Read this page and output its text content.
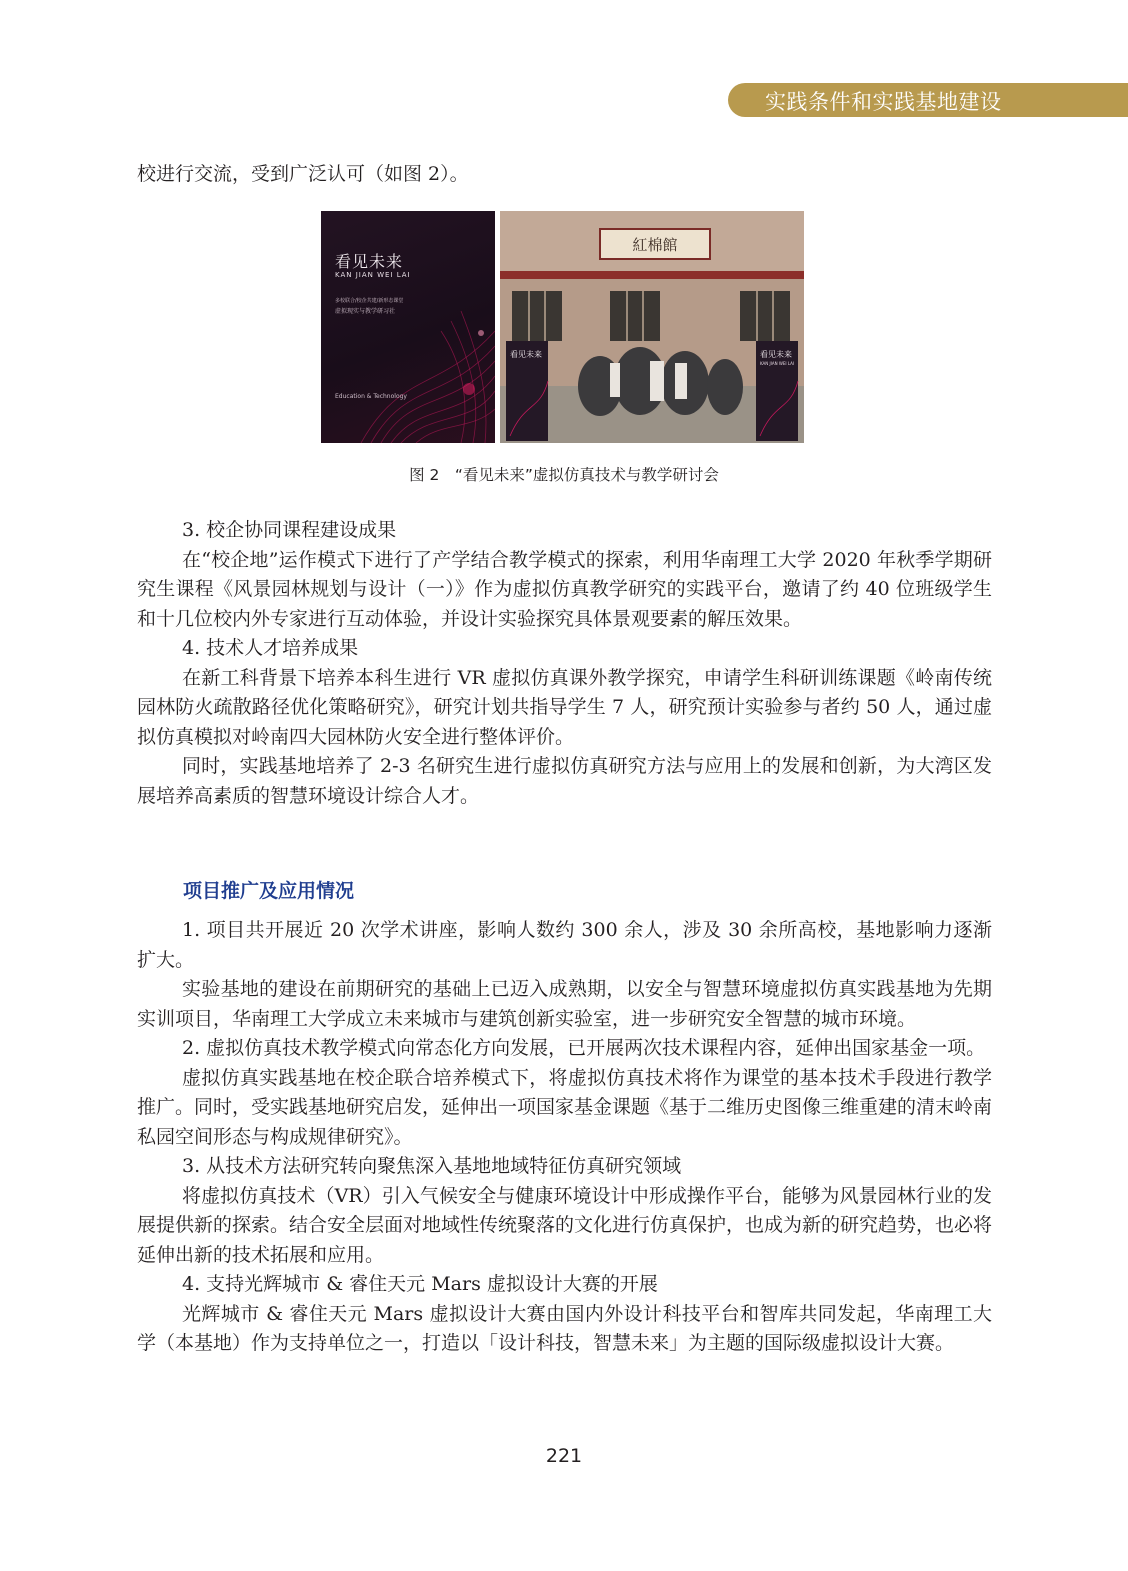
实践条件和实践基地建设

校进行交流，受到广泛认可（如图 2）。

看见未来
KAN JIAN WEI LAI
多校联合/校企共建/新形态课堂
虚拟现实与教学研习社
Education & Technology
紅棉館
看见未来	看见未来
KAN JIAN WEI LAI
图 2　“看见未来”虚拟仿真技术与教学研讨会

3. 校企协同课程建设成果

在“校企地”运作模式下进行了产学结合教学模式的探索，利用华南理工大学 2020 年秋季学期研究生课程《风景园林规划与设计（一）》作为虚拟仿真教学研究的实践平台，邀请了约 40 位班级学生和十几位校内外专家进行互动体验，并设计实验探究具体景观要素的解压效果。

4. 技术人才培养成果

在新工科背景下培养本科生进行 VR 虚拟仿真课外教学探究，申请学生科研训练课题《岭南传统园林防火疏散路径优化策略研究》，研究计划共指导学生 7 人，研究预计实验参与者约 50 人，通过虚拟仿真模拟对岭南四大园林防火安全进行整体评价。

同时，实践基地培养了 2-3 名研究生进行虚拟仿真研究方法与应用上的发展和创新，为大湾区发展培养高素质的智慧环境设计综合人才。

项目推广及应用情况

1. 项目共开展近 20 次学术讲座，影响人数约 300 余人，涉及 30 余所高校，基地影响力逐渐扩大。

实验基地的建设在前期研究的基础上已迈入成熟期，以安全与智慧环境虚拟仿真实践基地为先期实训项目，华南理工大学成立未来城市与建筑创新实验室，进一步研究安全智慧的城市环境。

2. 虚拟仿真技术教学模式向常态化方向发展，已开展两次技术课程内容，延伸出国家基金一项。

虚拟仿真实践基地在校企联合培养模式下，将虚拟仿真技术将作为课堂的基本技术手段进行教学推广。同时，受实践基地研究启发，延伸出一项国家基金课题《基于二维历史图像三维重建的清末岭南私园空间形态与构成规律研究》。

3. 从技术方法研究转向聚焦深入基地地域特征仿真研究领域

将虚拟仿真技术（VR）引入气候安全与健康环境设计中形成操作平台，能够为风景园林行业的发展提供新的探索。结合安全层面对地域性传统聚落的文化进行仿真保护，也成为新的研究趋势，也必将延伸出新的技术拓展和应用。

4. 支持光辉城市 & 睿住天元 Mars 虚拟设计大赛的开展

光辉城市 & 睿住天元 Mars 虚拟设计大赛由国内外设计科技平台和智库共同发起，华南理工大学（本基地）作为支持单位之一，打造以「设计科技，智慧未来」为主题的国际级虚拟设计大赛。

221
